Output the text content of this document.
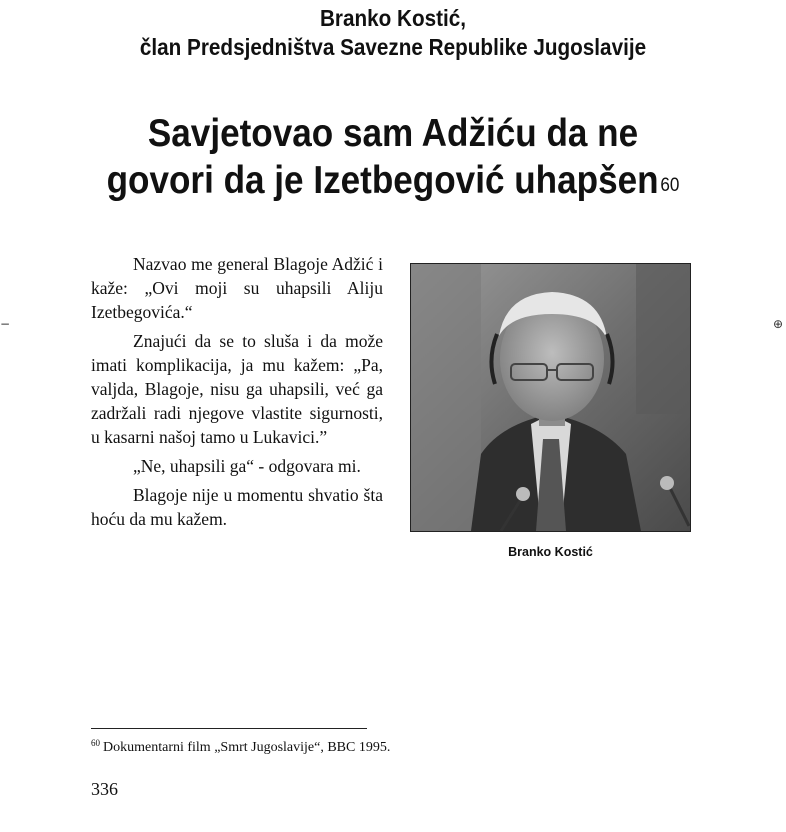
Branko Kostić,
član Predsjedništva Savezne Republike Jugoslavije
Savjetovao sam Adžiću da ne
govori da je Izetbegović uhapšen60

Nazvao me general Blagoje Adžić i kaže: „Ovi moji su uhapsili Aliju Izetbegovića.“

Znajući da se to sluša i da može imati komplikacija, ja mu kažem: „Pa, valjda, Blagoje, nisu ga uhapsili, već ga zadržali radi njegove vlastite sigurnosti, u kasarni našoj tamo u Lukavici.”

„Ne, uhapsili ga“ - odgovara mi.

Blagoje nije u momentu shvatio šta hoću da mu kažem.

Branko Kostić
$^{60}$ Dokumentarni film „Smrt Jugoslavije“, BBC 1995.
336
−	⊕
